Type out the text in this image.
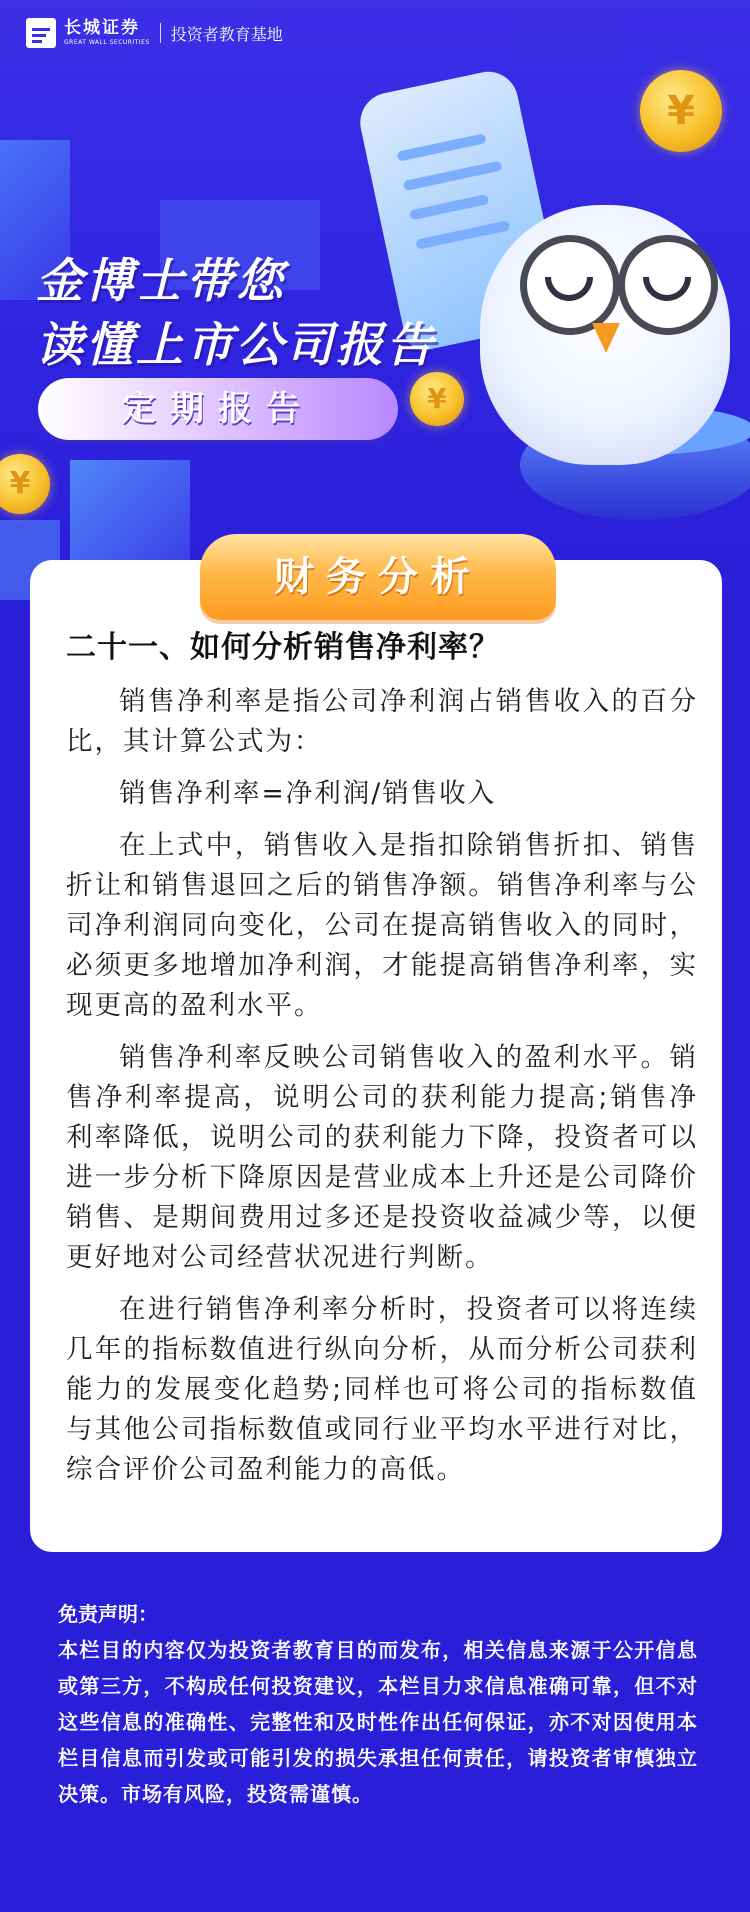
¥
¥
¥
长城证券
GREAT WALL SECURITIES 投资者教育基地
金博士带您
读懂上市公司报告
定期报告
财务分析
二十一、如何分析销售净利率？

销售净利率是指公司净利润占销售收入的百分比，其计算公式为：

销售净利率=净利润/销售收入

在上式中，销售收入是指扣除销售折扣、销售折让和销售退回之后的销售净额。销售净利率与公司净利润同向变化，公司在提高销售收入的同时，必须更多地增加净利润，才能提高销售净利率，实现更高的盈利水平。

销售净利率反映公司销售收入的盈利水平。销售净利率提高，说明公司的获利能力提高;销售净利率降低，说明公司的获利能力下降，投资者可以进一步分析下降原因是营业成本上升还是公司降价销售、是期间费用过多还是投资收益减少等，以便更好地对公司经营状况进行判断。

在进行销售净利率分析时，投资者可以将连续几年的指标数值进行纵向分析，从而分析公司获利能力的发展变化趋势;同样也可将公司的指标数值与其他公司指标数值或同行业平均水平进行对比，综合评价公司盈利能力的高低。

免责声明：

本栏目的内容仅为投资者教育目的而发布，相关信息来源于公开信息或第三方，不构成任何投资建议，本栏目力求信息准确可靠，但不对这些信息的准确性、完整性和及时性作出任何保证，亦不对因使用本栏目信息而引发或可能引发的损失承担任何责任，请投资者审慎独立决策。市场有风险，投资需谨慎。
